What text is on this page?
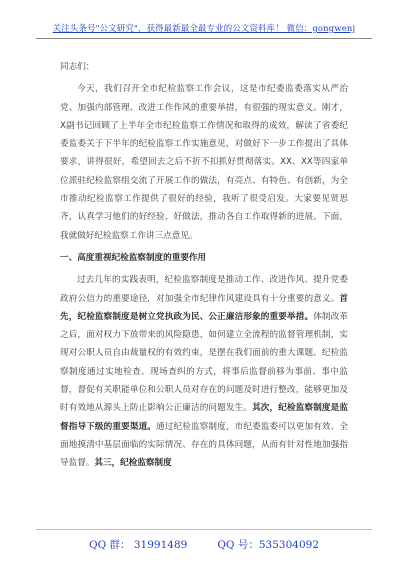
关注头条号"公文研究"，获得最新最全最专业的公文资料库！ 微信：gongwenj

同志们：

今天，我们召开全市纪检监察工作会议，这是市纪委监委落实从严治党、加强内部管理、改进工作作风的重要举措，有很强的现实意义。刚才，X副书记回顾了上半年全市纪检监察工作情况和取得的成效，解读了省委纪委监委关于下半年的纪检监察工作实施意见，对做好下一步工作提出了具体要求，讲得很好，希望回去之后不折不扣抓好贯彻落实。XX、XX等四家单位派驻纪检监察组交流了开展工作的做法，有亮点、有特色、有创新，为全市推动纪检监察工作提供了很好的经验，我听了很受启发。大家要见贤思齐，认真学习他们的好经验、好做法，推动各自工作取得新的进展。下面，我就做好纪检监察工作讲三点意见。

一、高度重视纪检监察制度的重要作用

过去几年的实践表明，纪检监察制度是推动工作、改进作风、提升党委政府公信力的重要途径，对加强全市纪律作风建设具有十分重要的意义。首先，纪检监察制度是树立党执政为民、公正廉洁形象的重要举措。体制改革之后，面对权力下放带来的风险隐患，如何建立全流程的监督管理机制，实现对公职人员自由裁量权的有效约束，是摆在我们面前的重大课题。纪检监察制度通过实地检查、现场查纠的方式，将事后监督前移为事前、事中监督，督促有关职能单位和公职人员对存在的问题及时进行整改，能够更加及时有效地从源头上防止影响公正廉洁的问题发生。其次，纪检监察制度是监督指导下级的重要渠道。通过纪检监察制度，市纪委监委可以更加有效、全面地摸清中基层面临的实际情况、存在的具体问题，从而有针对性地加强指导监督。其三，纪检监察制度

QQ 群： 31991489	QQ 号：535304092
